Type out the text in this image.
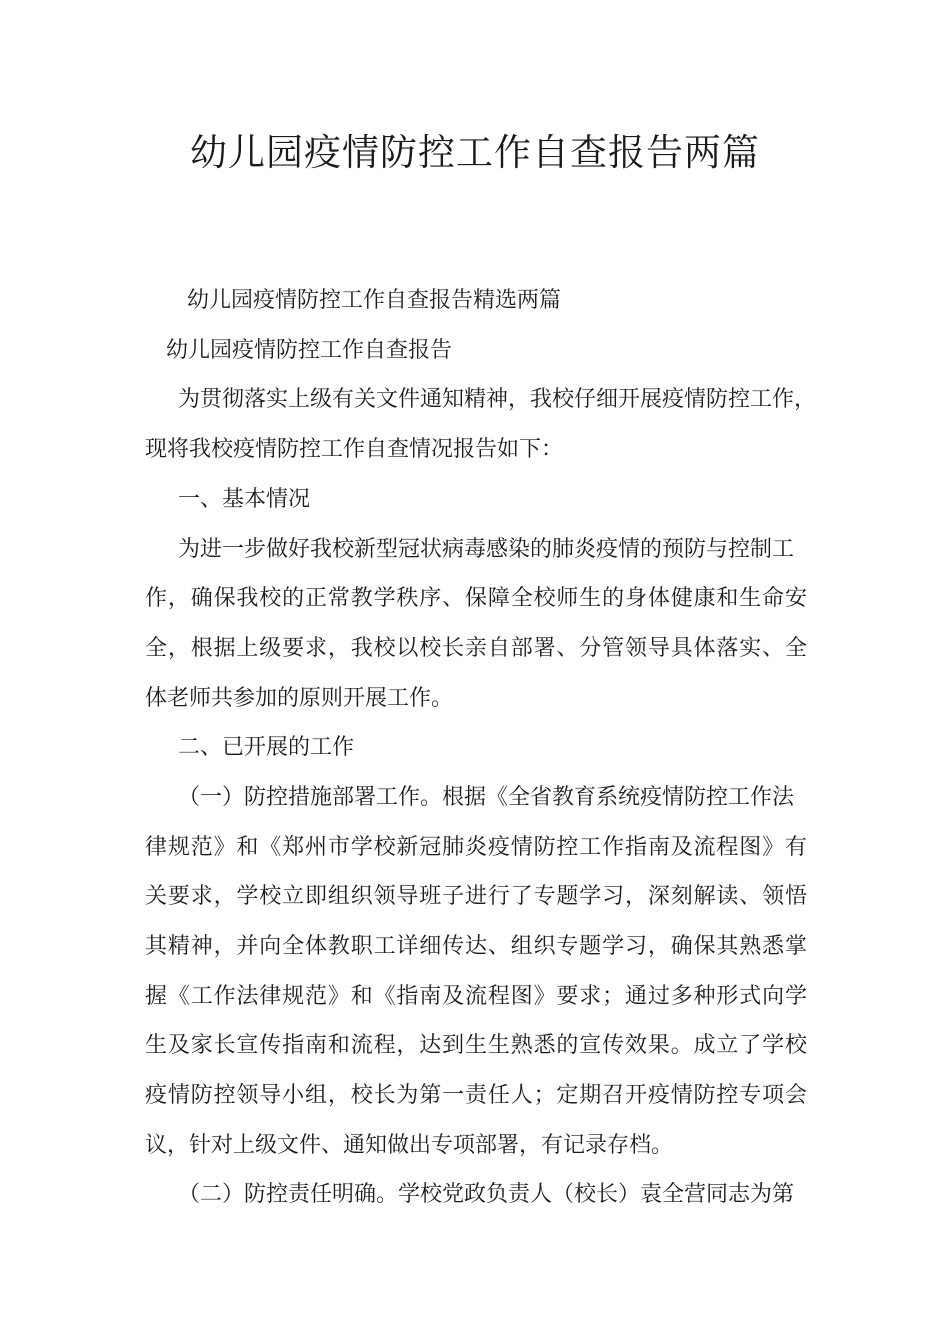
幼儿园疫情防控工作自查报告两篇

幼儿园疫情防控工作自查报告精选两篇

幼儿园疫情防控工作自查报告

为贯彻落实上级有关文件通知精神，我校仔细开展疫情防控工作，

现将我校疫情防控工作自查情况报告如下：

一、基本情况

为进一步做好我校新型冠状病毒感染的肺炎疫情的预防与控制工

作，确保我校的正常教学秩序、保障全校师生的身体健康和生命安

全，根据上级要求，我校以校长亲自部署、分管领导具体落实、全

体老师共参加的原则开展工作。

二、已开展的工作

（一）防控措施部署工作。根据《全省教育系统疫情防控工作法

律规范》和《郑州市学校新冠肺炎疫情防控工作指南及流程图》有

关要求，学校立即组织领导班子进行了专题学习，深刻解读、领悟

其精神，并向全体教职工详细传达、组织专题学习，确保其熟悉掌

握《工作法律规范》和《指南及流程图》要求；通过多种形式向学

生及家长宣传指南和流程，达到生生熟悉的宣传效果。成立了学校

疫情防控领导小组，校长为第一责任人；定期召开疫情防控专项会

议，针对上级文件、通知做出专项部署，有记录存档。

（二）防控责任明确。学校党政负责人（校长）袁全营同志为第
